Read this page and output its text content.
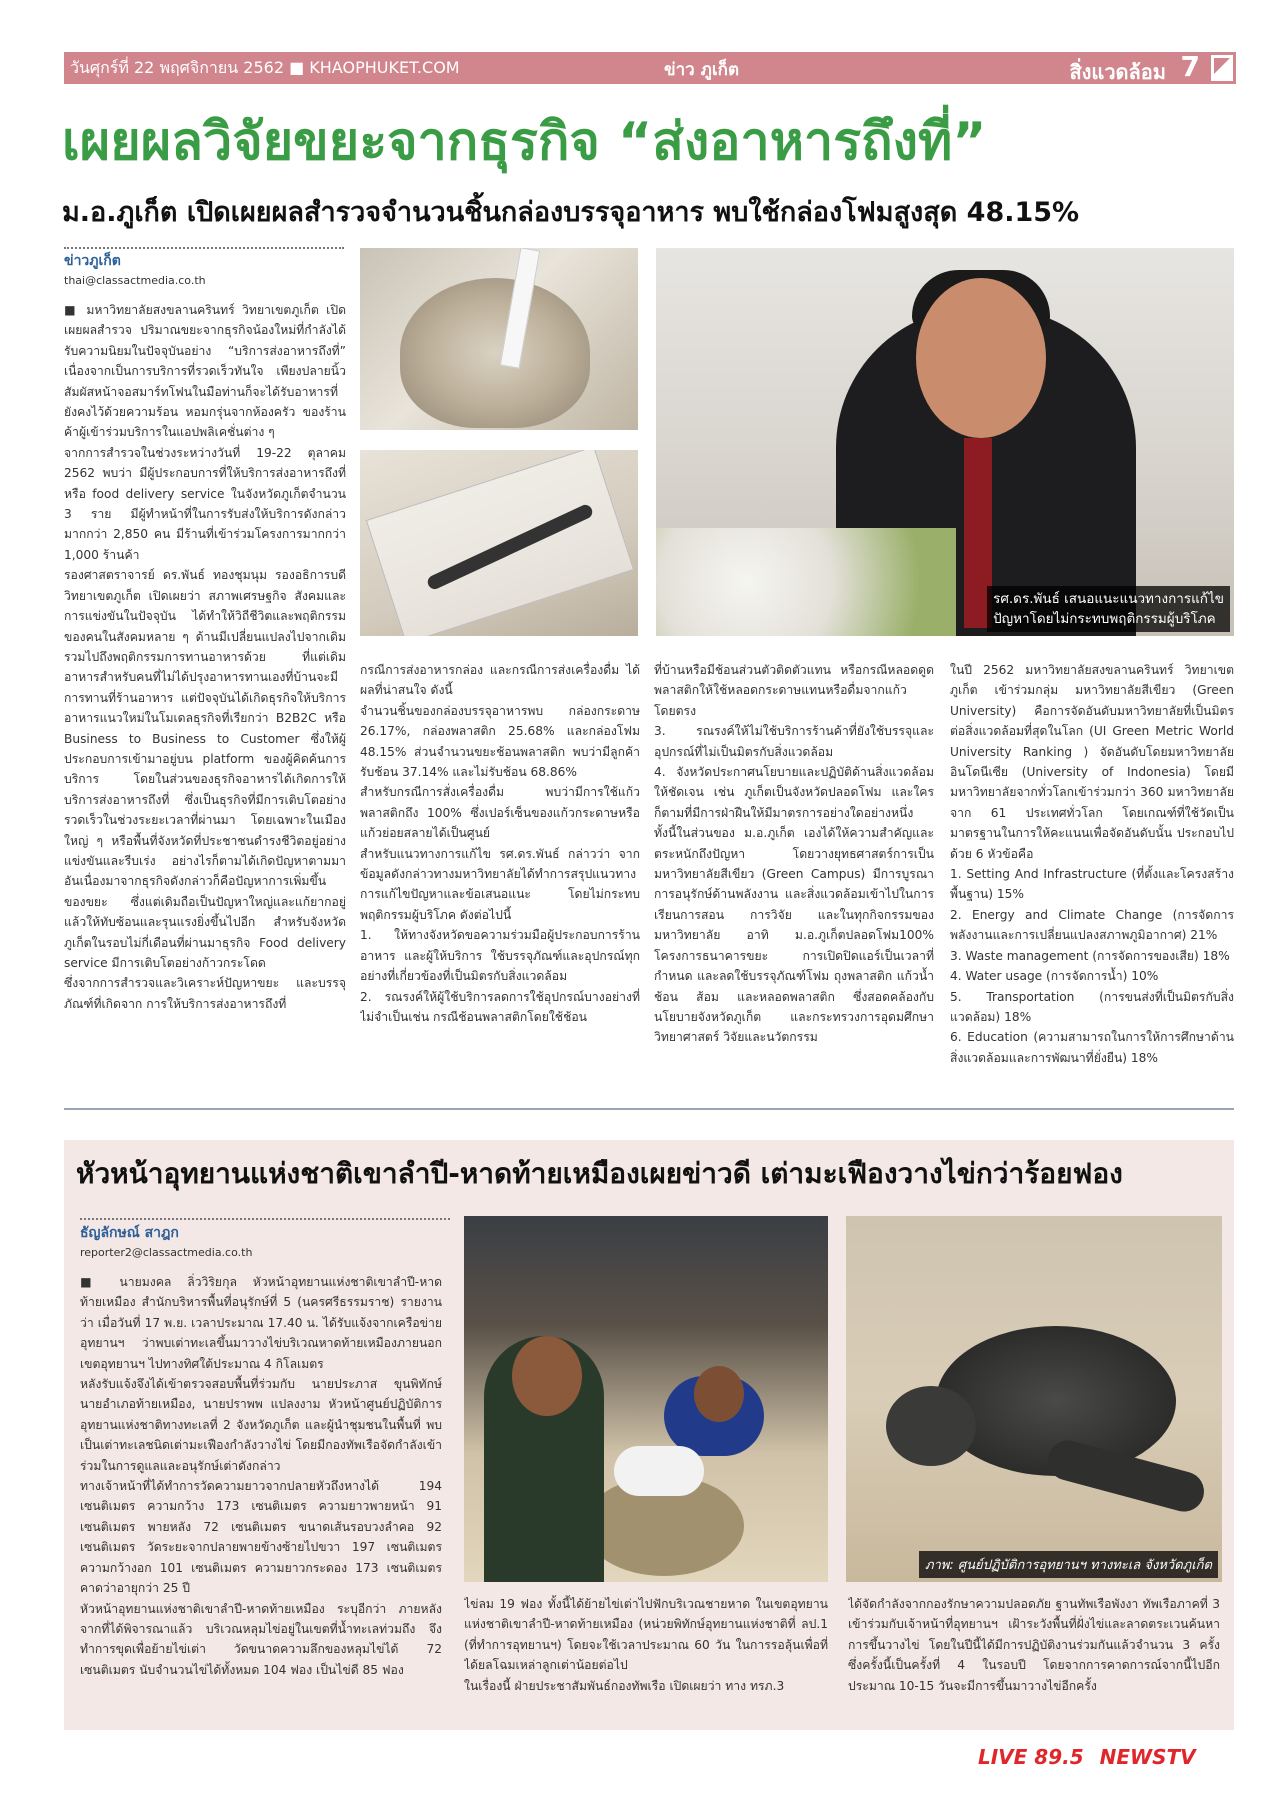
วันศุกร์ที่ 22 พฤศจิกายน 2562 ■ KHAOPHUKET.COM	ข่าว ภูเก็ต	สิ่งแวดล้อม 7
เผยผลวิจัยขยะจากธุรกิจ “ส่งอาหารถึงที่”
ม.อ.ภูเก็ต เปิดเผยผลสำรวจจำนวนชิ้นกล่องบรรจุอาหาร พบใช้กล่องโฟมสูงสุด 48.15%
ข่าวภูเก็ต
thai@classactmedia.co.th
■ มหาวิทยาลัยสงขลานครินทร์ วิทยาเขตภูเก็ต เปิดเผยผลสำรวจ ปริมาณขยะจากธุรกิจน้องใหม่ที่กำลังได้รับความนิยมในปัจจุบันอย่าง “บริการส่งอาหารถึงที่” เนื่องจากเป็นการบริการที่รวดเร็วทันใจ เพียงปลายนิ้วสัมผัสหน้าจอสมาร์ทโฟนในมือท่านก็จะได้รับอาหารที่ยังคงไว้ด้วยความร้อน หอมกรุ่นจากห้องครัว ของร้านค้าผู้เข้าร่วมบริการในแอปพลิเคชั่นต่าง ๆ
จากการสำรวจในช่วงระหว่างวันที่ 19-22 ตุลาคม 2562 พบว่า มีผู้ประกอบการที่ให้บริการส่งอาหารถึงที่ หรือ food delivery service ในจังหวัดภูเก็ตจำนวน 3 ราย มีผู้ทำหน้าที่ในการรับส่งให้บริการดังกล่าวมากกว่า 2,850 คน มีร้านที่เข้าร่วมโครงการมากกว่า 1,000 ร้านค้า
รองศาสตราจารย์ ดร.พันธ์ ทองชุมนุม รองอธิการบดีวิทยาเขตภูเก็ต เปิดเผยว่า สภาพเศรษฐกิจ สังคมและการแข่งขันในปัจจุบัน ได้ทำให้วิถีชีวิตและพฤติกรรมของคนในสังคมหลาย ๆ ด้านมีเปลี่ยนแปลงไปจากเดิม รวมไปถึงพฤติกรรมการทานอาหารด้วย ที่แต่เดิมอาหารสำหรับคนที่ไม่ได้ปรุงอาหารทานเองที่บ้านจะมีการทานที่ร้านอาหาร แต่ปัจจุบันได้เกิดธุรกิจให้บริการอาหารแนวใหม่ในโมเดลธุรกิจที่เรียกว่า B2B2C หรือ Business to Business to Customer ซึ่งให้ผู้ประกอบการเข้ามาอยู่บน platform ของผู้คิดค้นการบริการ โดยในส่วนของธุรกิจอาหารได้เกิดการให้บริการส่งอาหารถึงที่ ซึ่งเป็นธุรกิจที่มีการเติบโตอย่างรวดเร็วในช่วงระยะเวลาที่ผ่านมา โดยเฉพาะในเมืองใหญ่ ๆ หรือพื้นที่จังหวัดที่ประชาชนดำรงชีวิตอยู่อย่างแข่งขันและรีบเร่ง อย่างไรก็ตามได้เกิดปัญหาตามมาอันเนื่องมาจากธุรกิจดังกล่าวก็คือปัญหาการเพิ่มขึ้นของขยะ ซึ่งแต่เดิมถือเป็นปัญหาใหญ่และแก้ยากอยู่แล้วให้ทับซ้อนและรุนแรงยิ่งขึ้นไปอีก สำหรับจังหวัดภูเก็ตในรอบไม่กี่เดือนที่ผ่านมาธุรกิจ Food delivery service มีการเติบโตอย่างก้าวกระโดด
ซึ่งจากการสำรวจและวิเคราะห์ปัญหาขยะ และบรรจุภัณฑ์ที่เกิดจาก การให้บริการส่งอาหารถึงที่
รศ.ดร.พันธ์ เสนอแนะแนวทางการแก้ไข
ปัญหาโดยไม่กระทบพฤติกรรมผู้บริโภค
กรณีการส่งอาหารกล่อง และกรณีการส่งเครื่องดื่ม ได้ผลที่น่าสนใจ ดังนี้
จำนวนชิ้นของกล่องบรรจุอาหารพบ กล่องกระดาษ 26.17%, กล่องพลาสติก 25.68% และกล่องโฟม 48.15% ส่วนจำนวนขยะช้อนพลาสติก พบว่ามีลูกค้ารับช้อน 37.14% และไม่รับช้อน 68.86%
สำหรับกรณีการสั่งเครื่องดื่ม พบว่ามีการใช้แก้วพลาสติกถึง 100% ซึ่งเปอร์เซ็นของแก้วกระดาษหรือแก้วย่อยสลายได้เป็นศูนย์
สำหรับแนวทางการแก้ไข รศ.ดร.พันธ์ กล่าวว่า จากข้อมูลดังกล่าวทางมหาวิทยาลัยได้ทำการสรุปแนวทางการแก้ไขปัญหาและข้อเสนอแนะ โดยไม่กระทบพฤติกรรมผู้บริโภค ดังต่อไปนี้
1. ให้ทางจังหวัดขอความร่วมมือผู้ประกอบการร้านอาหาร และผู้ให้บริการ ใช้บรรจุภัณฑ์และอุปกรณ์ทุกอย่างที่เกี่ยวข้องที่เป็นมิตรกับสิ่งแวดล้อม
2. รณรงค์ให้ผู้ใช้บริการลดการใช้อุปกรณ์บางอย่างที่ไม่จำเป็นเช่น กรณีช้อนพลาสติกโดยใช้ช้อน
ที่บ้านหรือมีช้อนส่วนตัวติดตัวแทน หรือกรณีหลอดดูดพลาสติกให้ใช้หลอดกระดาษแทนหรือดื่มจากแก้วโดยตรง
3. รณรงค์ให้ไม่ใช้บริการร้านค้าที่ยังใช้บรรจุและอุปกรณ์ที่ไม่เป็นมิตรกับสิ่งแวดล้อม
4. จังหวัดประกาศนโยบายและปฏิบัติด้านสิ่งแวดล้อมให้ชัดเจน เช่น ภูเก็ตเป็นจังหวัดปลอดโฟม และใครก็ตามที่มีการฝ่าฝืนให้มีมาตรการอย่างใดอย่างหนึ่ง
ทั้งนี้ในส่วนของ ม.อ.ภูเก็ต เองได้ให้ความสำคัญและตระหนักถึงปัญหา โดยวางยุทธศาสตร์การเป็นมหาวิทยาลัยสีเขียว (Green Campus) มีการบูรณาการอนุรักษ์ด้านพลังงาน และสิ่งแวดล้อมเข้าไปในการเรียนการสอน การวิจัย และในทุกกิจกรรมของมหาวิทยาลัย อาทิ ม.อ.ภูเก็ตปลอดโฟม100% โครงการธนาคารขยะ การเปิดปิดแอร์เป็นเวลาที่กำหนด และลดใช้บรรจุภัณฑ์โฟม ถุงพลาสติก แก้วน้ำ ช้อน ส้อม และหลอดพลาสติก ซึ่งสอดคล้องกับนโยบายจังหวัดภูเก็ต และกระทรวงการอุดมศึกษา วิทยาศาสตร์ วิจัยและนวัตกรรม
ในปี 2562 มหาวิทยาลัยสงขลานครินทร์ วิทยาเขตภูเก็ต เข้าร่วมกลุ่ม มหาวิทยาลัยสีเขียว (Green University) คือการจัดอันดับมหาวิทยาลัยที่เป็นมิตรต่อสิ่งแวดล้อมที่สุดในโลก (UI Green Metric World University Ranking ) จัดอันดับโดยมหาวิทยาลัยอินโดนีเซีย (University of Indonesia) โดยมีมหาวิทยาลัยจากทั่วโลกเข้าร่วมกว่า 360 มหาวิทยาลัย จาก 61 ประเทศทั่วโลก โดยเกณฑ์ที่ใช้วัดเป็นมาตรฐานในการให้คะแนนเพื่อจัดอันดับนั้น ประกอบไปด้วย 6 หัวข้อคือ
1. Setting And Infrastructure (ที่ตั้งและโครงสร้างพื้นฐาน) 15%
2. Energy and Climate Change (การจัดการพลังงานและการเปลี่ยนแปลงสภาพภูมิอากาศ) 21%
3. Waste management (การจัดการของเสีย) 18%
4. Water usage (การจัดการน้ำ) 10%
5. Transportation (การขนส่งที่เป็นมิตรกับสิ่งแวดล้อม) 18%
6. Education (ความสามารถในการให้การศึกษาด้านสิ่งแวดล้อมและการพัฒนาที่ยั่งยืน) 18%
หัวหน้าอุทยานแห่งชาติเขาลำปี-หาดท้ายเหมืองเผยข่าวดี เต่ามะเฟืองวางไข่กว่าร้อยฟอง
ธัญลักษณ์ สาฎก
reporter2@classactmedia.co.th
■ นายมงคล ลิ่ววิริยกุล หัวหน้าอุทยานแห่งชาติเขาลำปี-หาดท้ายเหมือง สำนักบริหารพื้นที่อนุรักษ์ที่ 5 (นครศรีธรรมราช) รายงานว่า เมื่อวันที่ 17 พ.ย. เวลาประมาณ 17.40 น. ได้รับแจ้งจากเครือข่ายอุทยานฯ ว่าพบเต่าทะเลขึ้นมาวางไข่บริเวณหาดท้ายเหมืองภายนอกเขตอุทยานฯ ไปทางทิศใต้ประมาณ 4 กิโลเมตร
หลังรับแจ้งจึงได้เข้าตรวจสอบพื้นที่ร่วมกับ นายประภาส ขุนพิทักษ์ นายอำเภอท้ายเหมือง, นายปราพพ แปลงงาม หัวหน้าศูนย์ปฏิบัติการอุทยานแห่งชาติทางทะเลที่ 2 จังหวัดภูเก็ต และผู้นำชุมชนในพื้นที่ พบเป็นเต่าทะเลชนิดเต่ามะเฟืองกำลังวางไข่ โดยมีกองทัพเรือจัดกำลังเข้าร่วมในการดูแลและอนุรักษ์เต่าดังกล่าว
ทางเจ้าหน้าที่ได้ทำการวัดความยาวจากปลายหัวถึงหางได้ 194 เซนติเมตร ความกว้าง 173 เซนติเมตร ความยาวพายหน้า 91 เซนติเมตร พายหลัง 72 เซนติเมตร ขนาดเส้นรอบวงลำคอ 92 เซนติเมตร วัดระยะจากปลายพายข้างซ้ายไปขวา 197 เซนติเมตร ความกว้างอก 101 เซนติเมตร ความยาวกระดอง 173 เซนติเมตร คาดว่าอายุกว่า 25 ปี
หัวหน้าอุทยานแห่งชาติเขาลำปี-หาดท้ายเหมือง ระบุอีกว่า ภายหลังจากที่ได้พิจารณาแล้ว บริเวณหลุมไข่อยู่ในเขตที่น้ำทะเลท่วมถึง จึงทำการขุดเพื่อย้ายไข่เต่า วัดขนาดความลึกของหลุมไข่ได้ 72 เซนติเมตร นับจำนวนไข่ได้ทั้งหมด 104 ฟอง เป็นไข่ดี 85 ฟอง
ภาพ: ศูนย์ปฏิบัติการอุทยานฯ ทางทะเล จังหวัดภูเก็ต
ไข่ลม 19 ฟอง ทั้งนี้ได้ย้ายไข่เต่าไปฟักบริเวณชายหาด ในเขตอุทยานแห่งชาติเขาลำปี-หาดท้ายเหมือง (หน่วยพิทักษ์อุทยานแห่งชาติที่ ลป.1 (ที่ทำการอุทยานฯ) โดยจะใช้เวลาประมาณ 60 วัน ในการรอลุ้นเพื่อที่ได้ยลโฉมเหล่าลูกเต่าน้อยต่อไป
ในเรื่องนี้ ฝ่ายประชาสัมพันธ์กองทัพเรือ เปิดเผยว่า ทาง ทรภ.3
ได้จัดกำลังจากกองรักษาความปลอดภัย ฐานทัพเรือพังงา ทัพเรือภาคที่ 3 เข้าร่วมกับเจ้าหน้าที่อุทยานฯ เฝ้าระวังพื้นที่ฝั่งไข่และลาดตระเวนค้นหาการขึ้นวางไข่ โดยในปีนี้ได้มีการปฏิบัติงานร่วมกันแล้วจำนวน 3 ครั้ง ซึ่งครั้งนี้เป็นครั้งที่ 4 ในรอบปี โดยจากการคาดการณ์จากนี้ไปอีกประมาณ 10-15 วันจะมีการขึ้นมาวางไข่อีกครั้ง
LIVE 89.5 NEWSTV
